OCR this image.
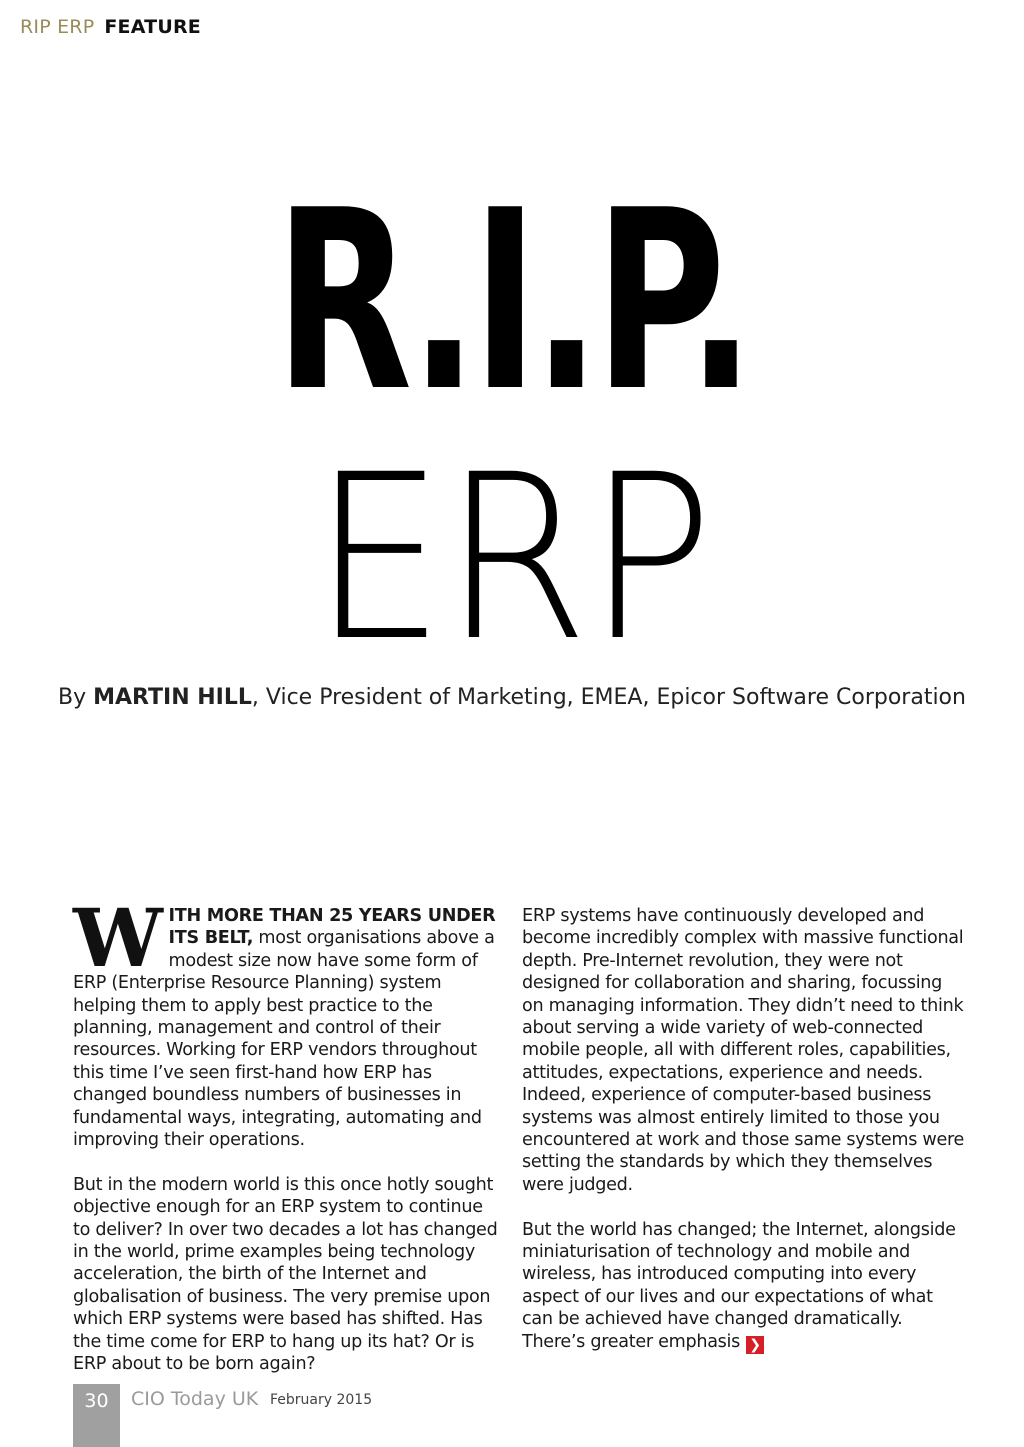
RIP ERP FEATURE
R.I.P.
ERP
By MARTIN HILL, Vice President of Marketing, EMEA, Epicor Software Corporation

WITH MORE THAN 25 YEARS UNDER ITS BELT, most organisations above a modest size now have some form of ERP (Enterprise Resource Planning) system helping them to apply best practice to the planning, management and control of their resources. Working for ERP vendors throughout this time I’ve seen first-hand how ERP has changed boundless numbers of businesses in fundamental ways, integrating, automating and improving their operations.

But in the modern world is this once hotly sought objective enough for an ERP system to continue to deliver? In over two decades a lot has changed in the world, prime examples being technology acceleration, the birth of the Internet and globalisation of business. The very premise upon which ERP systems were based has shifted. Has the time come for ERP to hang up its hat? Or is ERP about to be born again?

ERP systems have continuously developed and become incredibly complex with massive functional depth. Pre-Internet revolution, they were not designed for collaboration and sharing, focussing on managing information. They didn’t need to think about serving a wide variety of web-connected mobile people, all with different roles, capabilities, attitudes, expectations, experience and needs. Indeed, experience of computer-based business systems was almost entirely limited to those you encountered at work and those same systems were setting the standards by which they themselves were judged.

But the world has changed; the Internet, alongside miniaturisation of technology and mobile and wireless, has introduced computing into every aspect of our lives and our expectations of what can be achieved have changed dramatically. There’s greater emphasis ❯

30	CIO Today UK February 2015
